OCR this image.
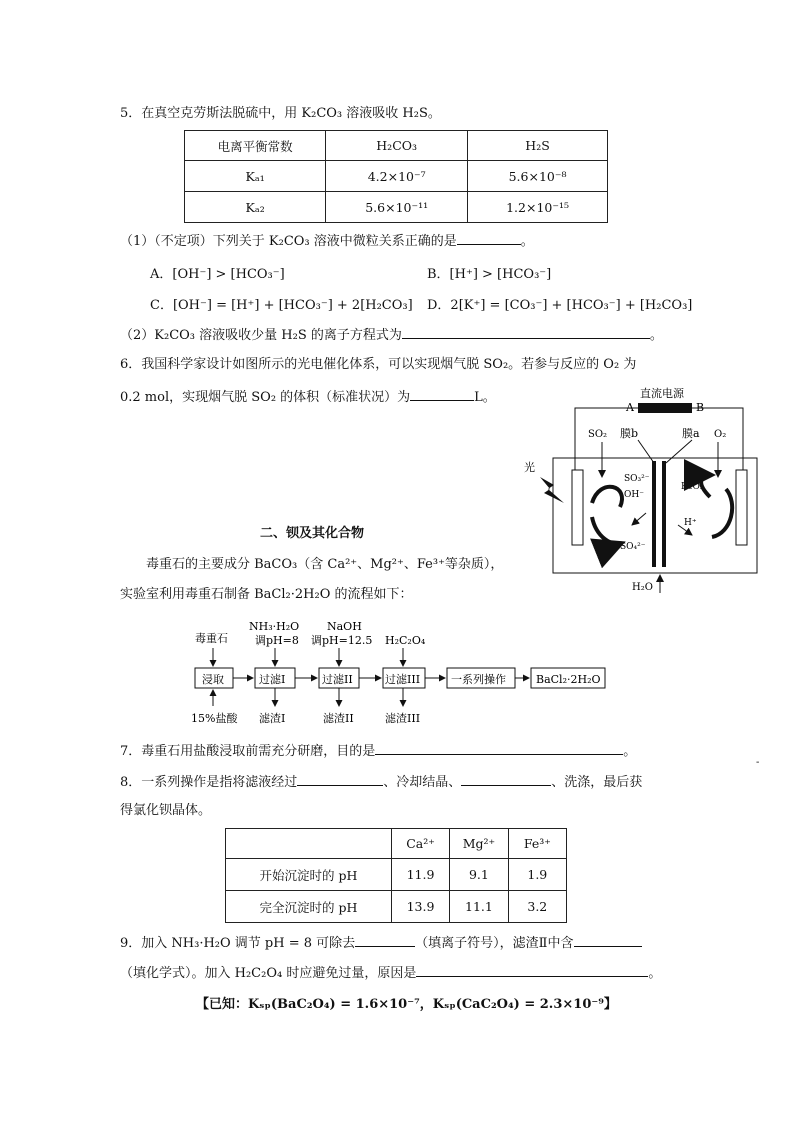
5．在真空克劳斯法脱硫中，用 K₂CO₃ 溶液吸收 H₂S。
电离平衡常数	H₂CO₃	H₂S
Kₐ₁	4.2×10⁻⁷	5.6×10⁻⁸
Kₐ₂	5.6×10⁻¹¹	1.2×10⁻¹⁵
（1）（不定项）下列关于 K₂CO₃ 溶液中微粒关系正确的是	。
A．[OH⁻] > [HCO₃⁻]	B．[H⁺] > [HCO₃⁻]
C．[OH⁻] = [H⁺] + [HCO₃⁻] + 2[H₂CO₃] D．2[K⁺] = [CO₃⁻] + [HCO₃⁻] + [H₂CO₃]
（2）K₂CO₃ 溶液吸收少量 H₂S 的离子方程式为	。
6．我国科学家设计如图所示的光电催化体系，可以实现烟气脱 SO₂。若参与反应的 O₂ 为
0.2 mol，实现烟气脱 SO₂ 的体积（标准状况）为	L。	直流电源
A	B
膜b	膜a
SO₂	O₂
光
SO₃²⁻
OH⁻
SO₄²⁻
H₂O₂
H⁺
H₂O
二、钡及其化合物
毒重石的主要成分 BaCO₃（含 Ca²⁺、Mg²⁺、Fe³⁺等杂质），
实验室利用毒重石制备 BaCl₂·2H₂O 的流程如下：
毒重石
NH₃·H₂O
调pH=8
NaOH
调pH=12.5 H₂C₂O₄
浸取	过滤I	过滤II	过滤III	一系列操作	BaCl₂·2H₂O
15%盐酸 滤渣I	滤渣II	滤渣III
7．毒重石用盐酸浸取前需充分研磨，目的是	。
-
8．一系列操作是指将滤液经过	、冷却结晶、	、洗涤，最后获
得氯化钡晶体。
	Ca²⁺	Mg²⁺	Fe³⁺
开始沉淀时的 pH	11.9	9.1	1.9
完全沉淀时的 pH	13.9	11.1	3.2
9．加入 NH₃·H₂O 调节 pH = 8 可除去	（填离子符号），滤渣Ⅱ中含
（填化学式）。加入 H₂C₂O₄ 时应避免过量，原因是	。
【已知：Kₛₚ(BaC₂O₄) = 1.6×10⁻⁷，Kₛₚ(CaC₂O₄) = 2.3×10⁻⁹】
